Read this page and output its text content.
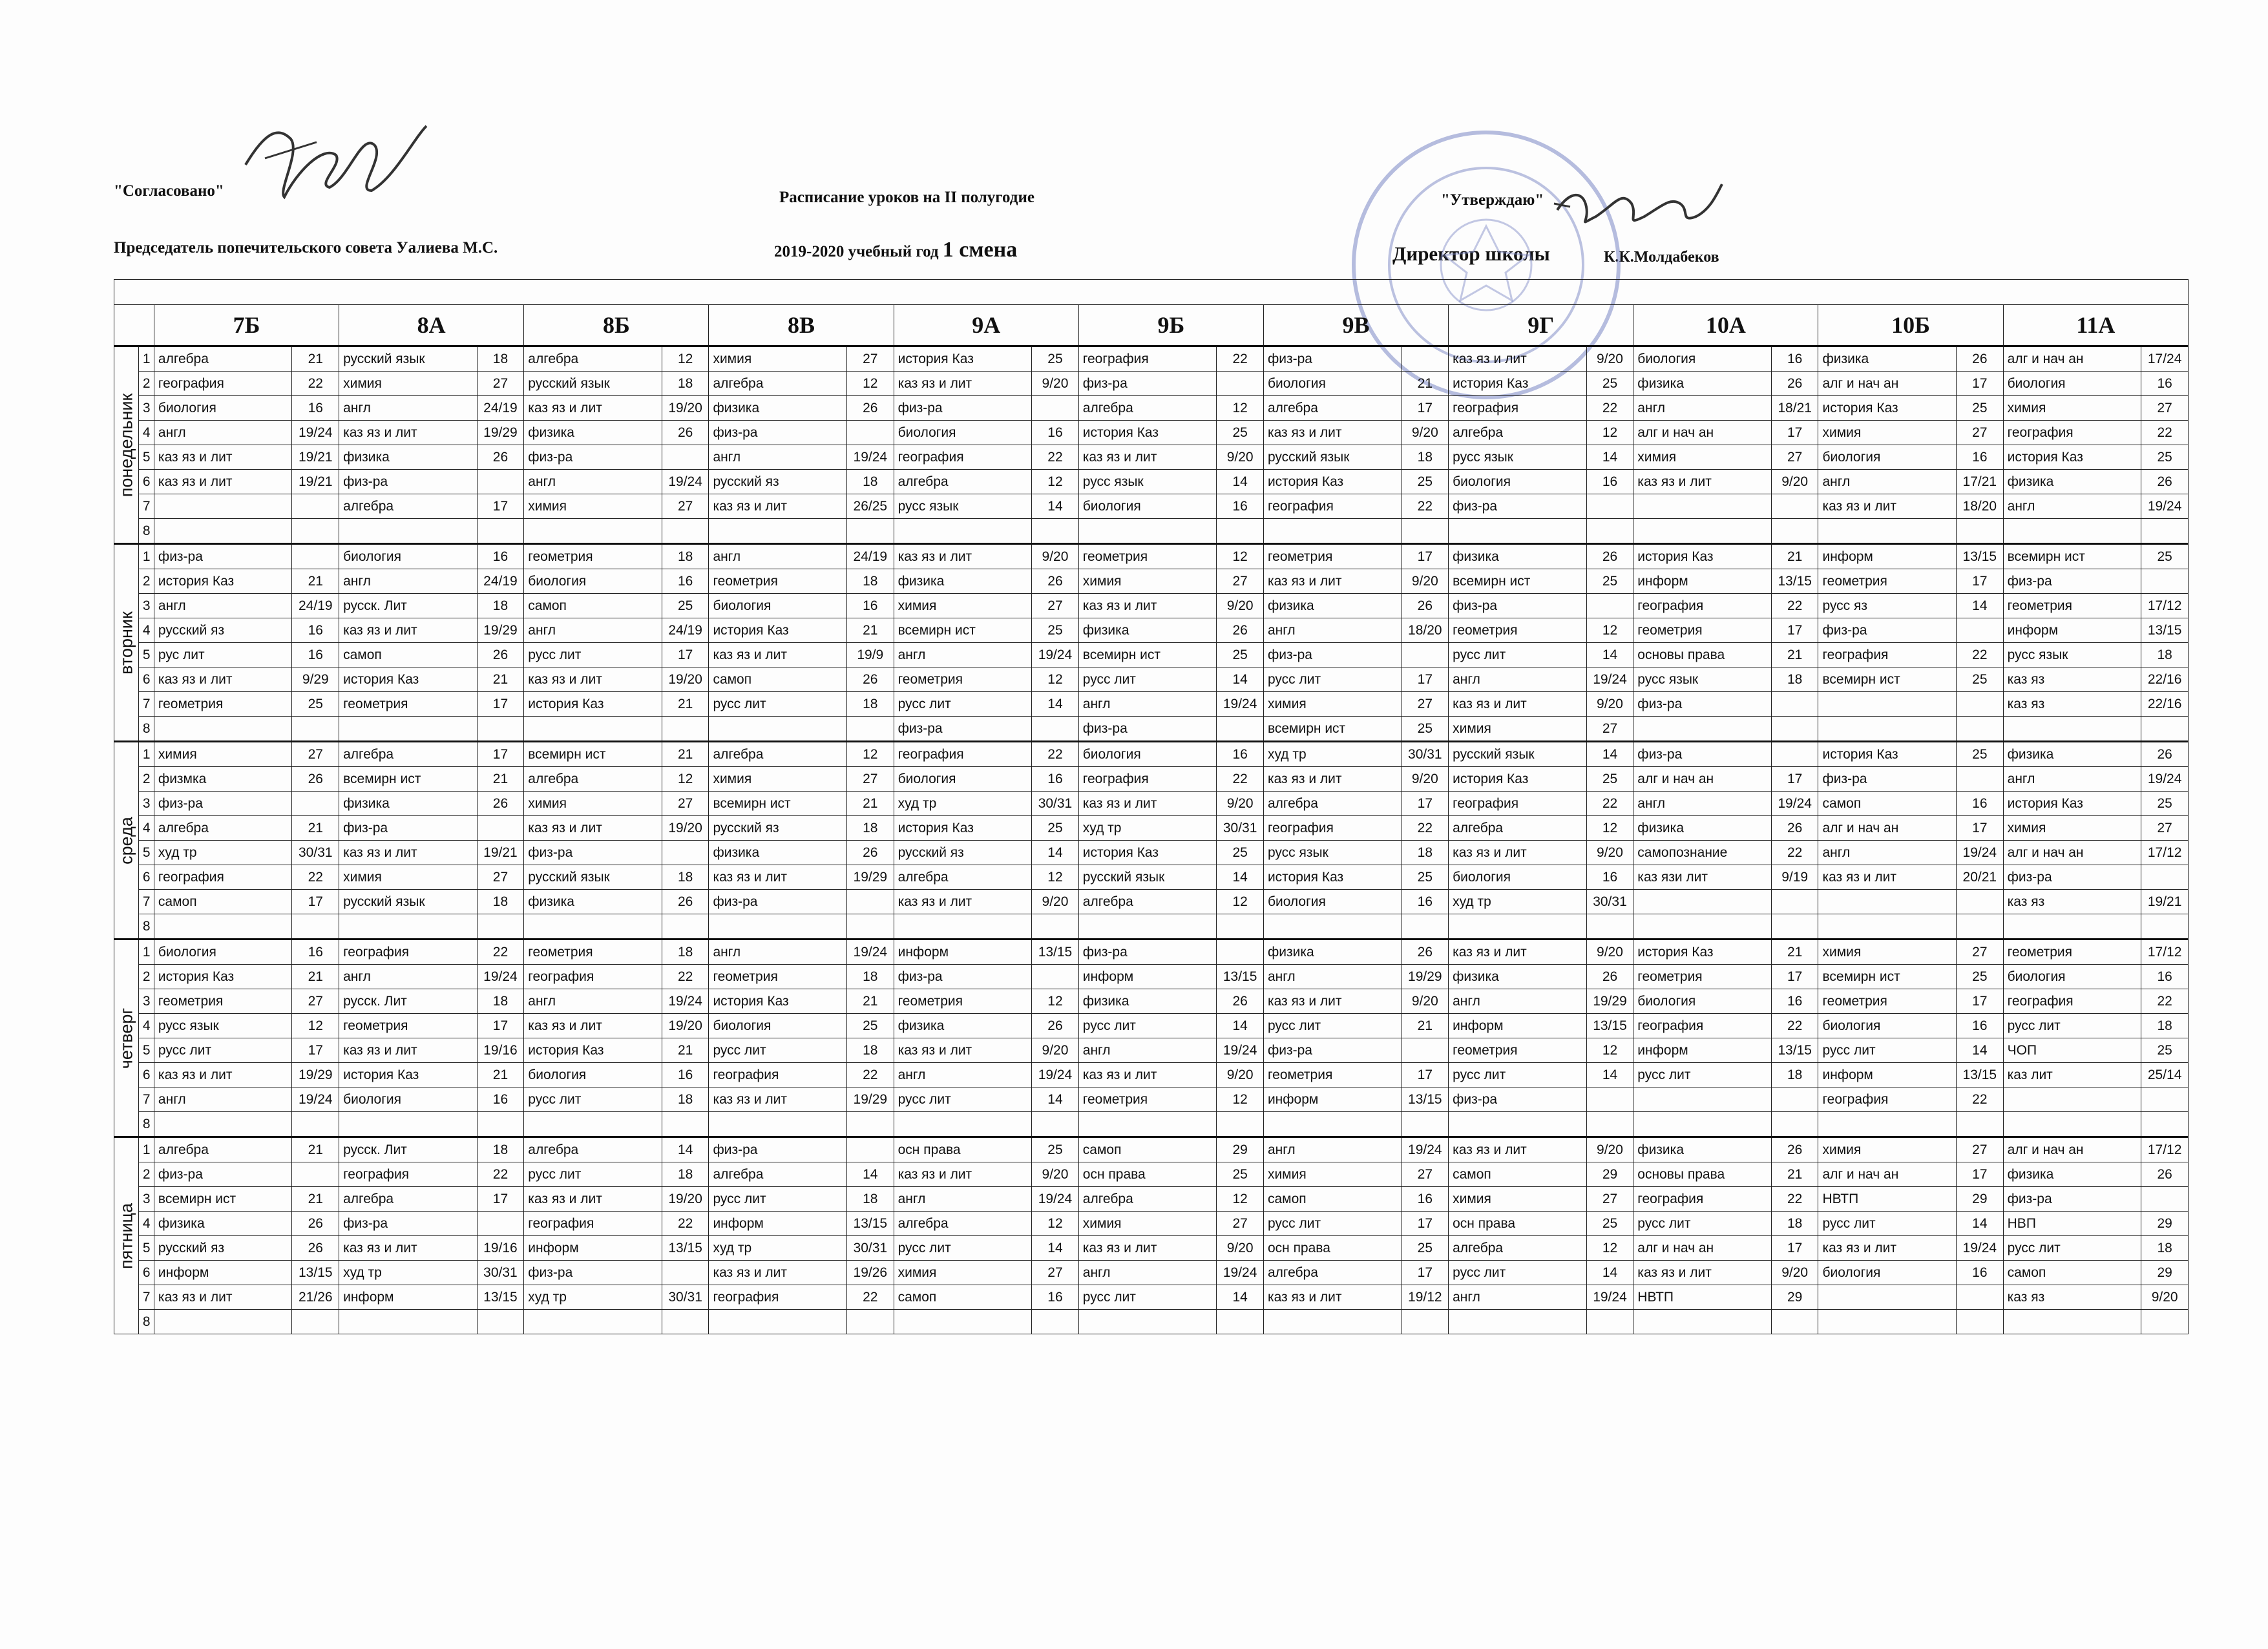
"Согласовано"
Председатель попечительского совета Уалиева М.С.
Расписание уроков на II полугодие
2019-2020 учебный год 1 смена
"Утверждаю"
Директор школы	К.К.Молдабеков

		7Б		8А		8Б		8В		9А		9Б		9В		9Г		10А		10Б		11А	

понедельник	1	алгебра	21	русский язык	18	алгебра	12	химия	27	история Каз	25	география	22	физ-ра		каз яз и лит	9/20	биология	16	физика	26	алг и нач ан	17/24
	2	география	22	химия	27	русский язык	18	алгебра	12	каз яз и лит	9/20	физ-ра		биология	21	история Каз	25	физика	26	алг и нач ан	17	биология	16
	3	биология	16	англ	24/19	каз яз и лит	19/20	физика	26	физ-ра		алгебра	12	алгебра	17	география	22	англ	18/21	история Каз	25	химия	27
	4	англ	19/24	каз яз и лит	19/29	физика	26	физ-ра		биология	16	история Каз	25	каз яз и лит	9/20	алгебра	12	алг и нач ан	17	химия	27	география	22
	5	каз яз и лит	19/21	физика	26	физ-ра		англ	19/24	география	22	каз яз и лит	9/20	русский язык	18	русс язык	14	химия	27	биология	16	история Каз	25
	6	каз яз и лит	19/21	физ-ра		англ	19/24	русский яз	18	алгебра	12	русс язык	14	история Каз	25	биология	16	каз яз и лит	9/20	англ	17/21	физика	26
	7			алгебра	17	химия	27	каз яз и лит	26/25	русс язык	14	биология	16	география	22	физ-ра				каз яз и лит	18/20	англ	19/24
	8																						

вторник	1	физ-ра		биология	16	геометрия	18	англ	24/19	каз яз и лит	9/20	геометрия	12	геометрия	17	физика	26	история Каз	21	информ	13/15	всемирн ист	25
	2	история Каз	21	англ	24/19	биология	16	геометрия	18	физика	26	химия	27	каз яз и лит	9/20	всемирн ист	25	информ	13/15	геометрия	17	физ-ра	
	3	англ	24/19	русск. Лит	18	самоп	25	биология	16	химия	27	каз яз и лит	9/20	физика	26	физ-ра		география	22	русс яз	14	геометрия	17/12
	4	русский яз	16	каз яз и лит	19/29	англ	24/19	история Каз	21	всемирн ист	25	физика	26	англ	18/20	геометрия	12	геометрия	17	физ-ра		информ	13/15
	5	рус лит	16	самоп	26	русс лит	17	каз яз и лит	19/9	англ	19/24	всемирн ист	25	физ-ра		русс лит	14	основы права	21	география	22	русс язык	18
	6	каз яз и лит	9/29	история Каз	21	каз яз и лит	19/20	самоп	26	геометрия	12	русс лит	14	русс лит	17	англ	19/24	русс язык	18	всемирн ист	25	каз яз	22/16
	7	геометрия	25	геометрия	17	история Каз	21	русс лит	18	русс лит	14	англ	19/24	химия	27	каз яз и лит	9/20	физ-ра				каз яз	22/16
	8									физ-ра		физ-ра		всемирн ист	25	химия	27						

среда	1	химия	27	алгебра	17	всемирн ист	21	алгебра	12	география	22	биология	16	худ тр	30/31	русский язык	14	физ-ра		история Каз	25	физика	26
	2	физмка	26	всемирн ист	21	алгебра	12	химия	27	биология	16	география	22	каз яз и лит	9/20	история Каз	25	алг и нач ан	17	физ-ра		англ	19/24
	3	физ-ра		физика	26	химия	27	всемирн ист	21	худ тр	30/31	каз яз и лит	9/20	алгебра	17	география	22	англ	19/24	самоп	16	история Каз	25
	4	алгебра	21	физ-ра		каз яз и лит	19/20	русский яз	18	история Каз	25	худ тр	30/31	география	22	алгебра	12	физика	26	алг и нач ан	17	химия	27
	5	худ тр	30/31	каз яз и лит	19/21	физ-ра		физика	26	русский яз	14	история Каз	25	русс язык	18	каз яз и лит	9/20	самопознание	22	англ	19/24	алг и нач ан	17/12
	6	география	22	химия	27	русский язык	18	каз яз и лит	19/29	алгебра	12	русский язык	14	история Каз	25	биология	16	каз язи лит	9/19	каз яз и лит	20/21	физ-ра	
	7	самоп	17	русский язык	18	физика	26	физ-ра		каз яз и лит	9/20	алгебра	12	биология	16	худ тр	30/31					каз яз	19/21
	8																						

четверг	1	биология	16	география	22	геометрия	18	англ	19/24	информ	13/15	физ-ра		физика	26	каз яз и лит	9/20	история Каз	21	химия	27	геометрия	17/12
	2	история Каз	21	англ	19/24	география	22	геометрия	18	физ-ра		информ	13/15	англ	19/29	физика	26	геометрия	17	всемирн ист	25	биология	16
	3	геометрия	27	русск. Лит	18	англ	19/24	история Каз	21	геометрия	12	физика	26	каз яз и лит	9/20	англ	19/29	биология	16	геометрия	17	география	22
	4	русс язык	12	геометрия	17	каз яз и лит	19/20	биология	25	физика	26	русс лит	14	русс лит	21	информ	13/15	география	22	биология	16	русс лит	18
	5	русс лит	17	каз яз и лит	19/16	история Каз	21	русс лит	18	каз яз и лит	9/20	англ	19/24	физ-ра		геометрия	12	информ	13/15	русс лит	14	ЧОП	25
	6	каз яз и лит	19/29	история Каз	21	биология	16	география	22	англ	19/24	каз яз и лит	9/20	геометрия	17	русс лит	14	русс лит	18	информ	13/15	каз лит	25/14
	7	англ	19/24	биология	16	русс лит	18	каз яз и лит	19/29	русс лит	14	геометрия	12	информ	13/15	физ-ра				география	22		
	8																						

пятница	1	алгебра	21	русск. Лит	18	алгебра	14	физ-ра		осн права	25	самоп	29	англ	19/24	каз яз и лит	9/20	физика	26	химия	27	алг и нач ан	17/12
	2	физ-ра		география	22	русс лит	18	алгебра	14	каз яз и лит	9/20	осн права	25	химия	27	самоп	29	основы права	21	алг и нач ан	17	физика	26
	3	всемирн ист	21	алгебра	17	каз яз и лит	19/20	русс лит	18	англ	19/24	алгебра	12	самоп	16	химия	27	география	22	НВТП	29	физ-ра	
	4	физика	26	физ-ра		география	22	информ	13/15	алгебра	12	химия	27	русс лит	17	осн права	25	русс лит	18	русс лит	14	НВП	29
	5	русский яз	26	каз яз и лит	19/16	информ	13/15	худ тр	30/31	русс лит	14	каз яз и лит	9/20	осн права	25	алгебра	12	алг и нач ан	17	каз яз и лит	19/24	русс лит	18
	6	информ	13/15	худ тр	30/31	физ-ра		каз яз и лит	19/26	химия	27	англ	19/24	алгебра	17	русс лит	14	каз яз и лит	9/20	биология	16	самоп	29
	7	каз яз и лит	21/26	информ	13/15	худ тр	30/31	география	22	самоп	16	русс лит	14	каз яз и лит	19/12	англ	19/24	НВТП	29			каз яз	9/20
	8																						
